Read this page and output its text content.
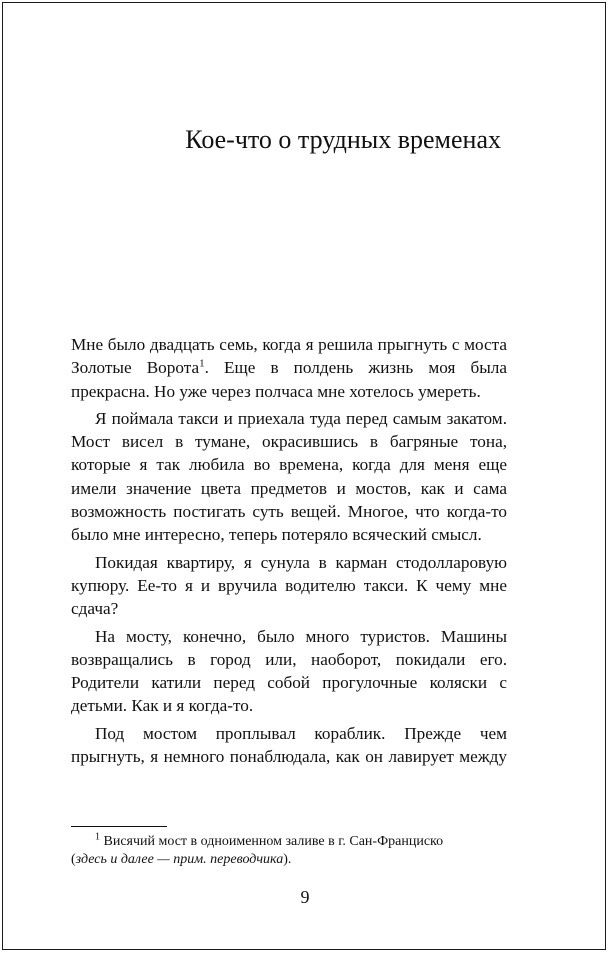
Кое-что о трудных временах

Мне было двадцать семь, когда я решила прыгнуть с моста Золотые Ворота$^1$. Еще в полдень жизнь моя была прекрасна. Но уже через полчаса мне хотелось умереть.

Я поймала такси и приехала туда перед самым закатом. Мост висел в тумане, окрасившись в багряные тона, которые я так любила во времена, когда для меня еще имели значение цвета предметов и мостов, как и сама возможность постигать суть вещей. Многое, что когда-то было мне интересно, теперь потеряло всяческий смысл.

Покидая квартиру, я сунула в карман стодолларовую купюру. Ее-то я и вручила водителю такси. К чему мне сдача?

На мосту, конечно, было много туристов. Машины возвращались в город или, наоборот, покидали его. Родители катили перед собой прогулочные коляски с детьми. Как и я когда-то.

Под мостом проплывал кораблик. Прежде чем прыгнуть, я немного понаблюдала, как он лавирует между

$^1$ Висячий мост в одноименном заливе в г. Сан-Франциско
(здесь и далее — прим. переводчика).
9
